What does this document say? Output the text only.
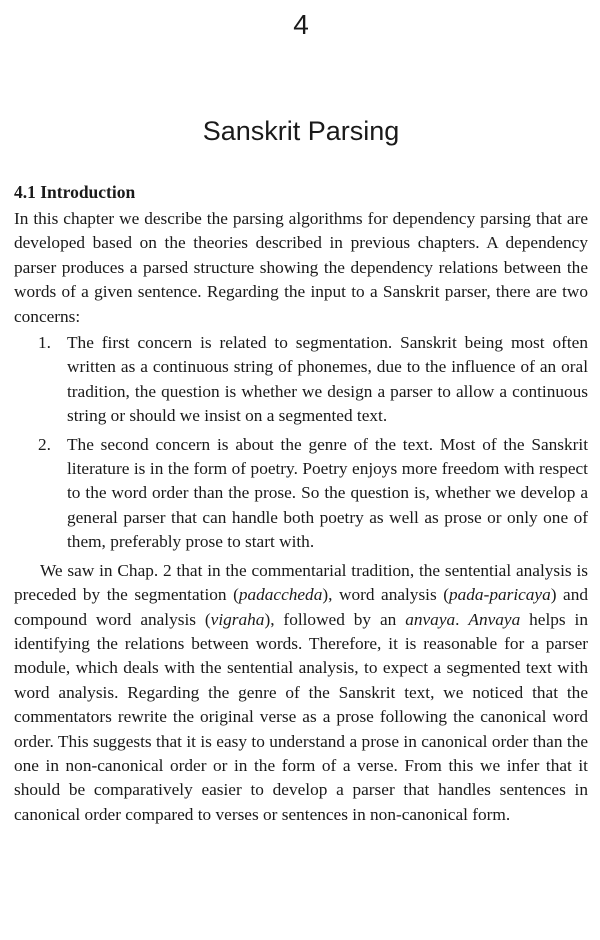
4
Sanskrit Parsing
4.1 Introduction

In this chapter we describe the parsing algorithms for dependency parsing that are developed based on the theories described in previous chapters. A dependency parser produces a parsed structure showing the dependency relations between the words of a given sentence. Regarding the input to a Sanskrit parser, there are two concerns:

1. The first concern is related to segmentation. Sanskrit being most often written as a continuous string of phonemes, due to the influence of an oral tradition, the question is whether we design a parser to allow a continuous string or should we insist on a segmented text.
2. The second concern is about the genre of the text. Most of the Sanskrit literature is in the form of poetry. Poetry enjoys more freedom with respect to the word order than the prose. So the question is, whether we develop a general parser that can handle both poetry as well as prose or only one of them, preferably prose to start with.

We saw in Chap. 2 that in the commentarial tradition, the sentential analysis is preceded by the segmentation (padaccheda), word analysis (pada-paricaya) and compound word analysis (vigraha), followed by an anvaya. Anvaya helps in identifying the relations between words. Therefore, it is reasonable for a parser module, which deals with the sentential analysis, to expect a segmented text with word analysis. Regarding the genre of the Sanskrit text, we noticed that the commentators rewrite the original verse as a prose following the canonical word order. This suggests that it is easy to understand a prose in canonical order than the one in non-canonical order or in the form of a verse. From this we infer that it should be comparatively easier to develop a parser that handles sentences in canonical order compared to verses or sentences in non-canonical form.
